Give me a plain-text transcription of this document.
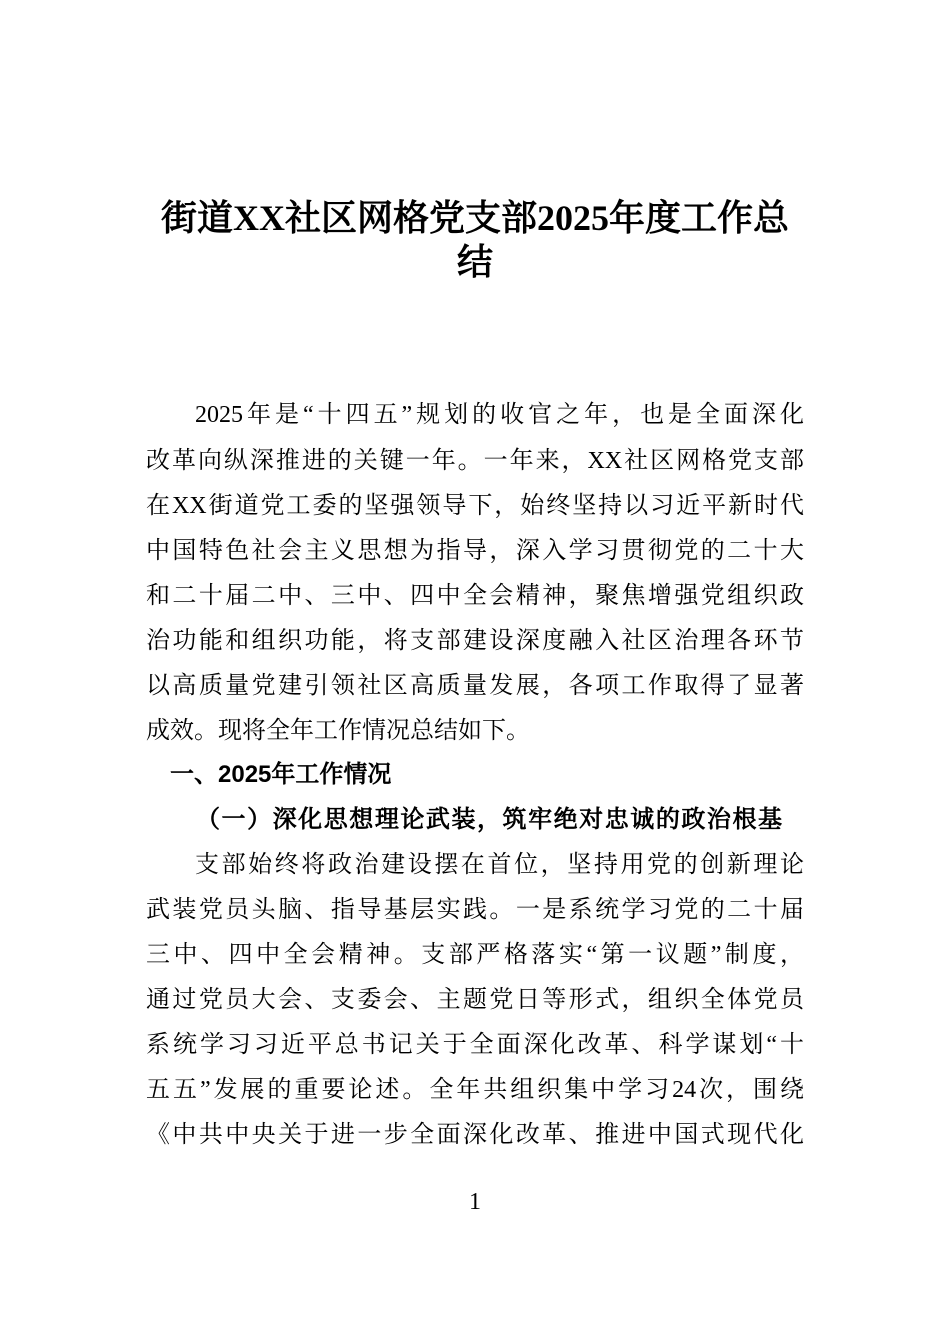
街道XX社区网格党支部2025年度工作总
结
2025年是“十四五”规划的收官之年，也是全面深化
改革向纵深推进的关键一年。一年来，XX社区网格党支部
在XX街道党工委的坚强领导下，始终坚持以习近平新时代
中国特色社会主义思想为指导，深入学习贯彻党的二十大
和二十届二中、三中、四中全会精神，聚焦增强党组织政
治功能和组织功能，将支部建设深度融入社区治理各环节
以高质量党建引领社区高质量发展，各项工作取得了显著
成效。现将全年工作情况总结如下。
一、2025年工作情况
（一）深化思想理论武装，筑牢绝对忠诚的政治根基
支部始终将政治建设摆在首位，坚持用党的创新理论
武装党员头脑、指导基层实践。一是系统学习党的二十届
三中、四中全会精神。支部严格落实“第一议题”制度，
通过党员大会、支委会、主题党日等形式，组织全体党员
系统学习习近平总书记关于全面深化改革、科学谋划“十
五五”发展的重要论述。全年共组织集中学习24次，围绕
《中共中央关于进一步全面深化改革、推进中国式现代化
1
